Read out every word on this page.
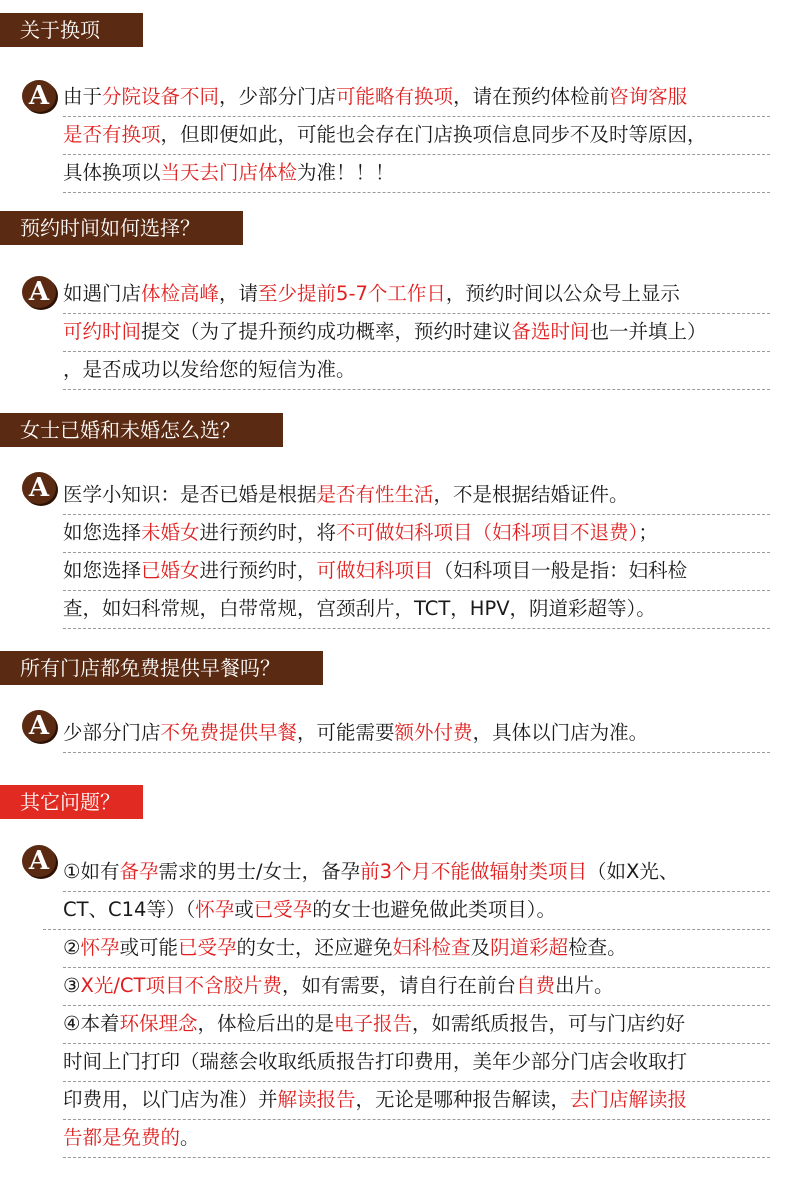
关于换项
A 由于分院设备不同，少部分门店可能略有换项，请在预约体检前咨询客服
是否有换项，但即便如此，可能也会存在门店换项信息同步不及时等原因，
具体换项以当天去门店体检为准！！！
预约时间如何选择？
A 如遇门店体检高峰，请至少提前5-7个工作日，预约时间以公众号上显示
可约时间提交（为了提升预约成功概率，预约时建议备选时间也一并填上）
，是否成功以发给您的短信为准。
女士已婚和未婚怎么选？
A 医学小知识：是否已婚是根据是否有性生活，不是根据结婚证件。
如您选择未婚女进行预约时，将不可做妇科项目（妇科项目不退费）；
如您选择已婚女进行预约时，可做妇科项目（妇科项目一般是指：妇科检
查，如妇科常规，白带常规，宫颈刮片，TCT，HPV，阴道彩超等）。
所有门店都免费提供早餐吗？
A 少部分门店不免费提供早餐，可能需要额外付费，具体以门店为准。
其它问题？
A ①如有备孕需求的男士/女士，备孕前3个月不能做辐射类项目（如X光、
CT、C14等）（怀孕或已受孕的女士也避免做此类项目）。
②怀孕或可能已受孕的女士，还应避免妇科检查及阴道彩超检查。
③X光/CT项目不含胶片费，如有需要，请自行在前台自费出片。
④本着环保理念，体检后出的是电子报告，如需纸质报告，可与门店约好
时间上门打印（瑞慈会收取纸质报告打印费用，美年少部分门店会收取打
印费用，以门店为准）并解读报告，无论是哪种报告解读，去门店解读报
告都是免费的。
